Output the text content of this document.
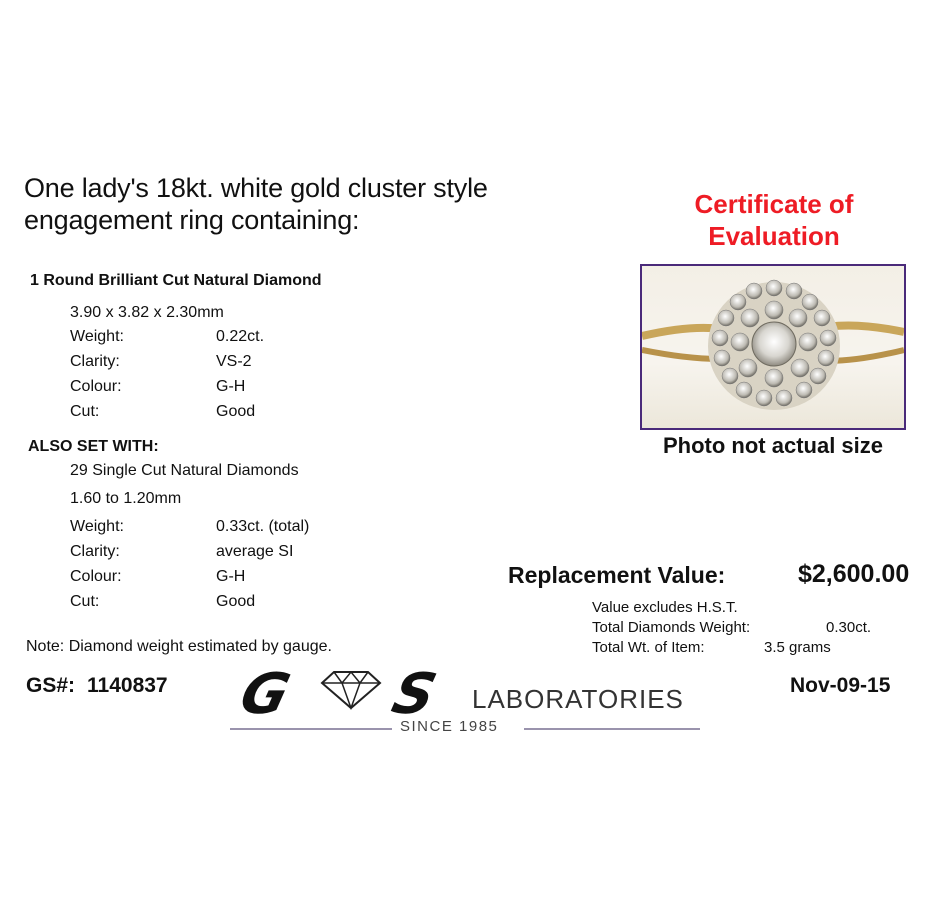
One lady's 18kt. white gold cluster style
engagement ring containing:
1 Round Brilliant Cut Natural Diamond
3.90 x 3.82 x 2.30mm
Weight:	0.22ct.
Clarity:	VS-2
Colour:	G-H
Cut:	Good
ALSO SET WITH:
29 Single Cut Natural Diamonds
1.60 to 1.20mm
Weight:	0.33ct. (total)
Clarity:	average SI
Colour:	G-H
Cut:	Good
Certificate of
Evaluation
Photo not actual size
Replacement Value:	$2,600.00
Value excludes H.S.T.
Total Diamonds Weight:	0.30ct.
Total Wt. of Item:	3.5 grams
Note: Diamond weight estimated by gauge.
GS#: 1140837	Nov-09-15
G S LABORATORIES
SINCE 1985
